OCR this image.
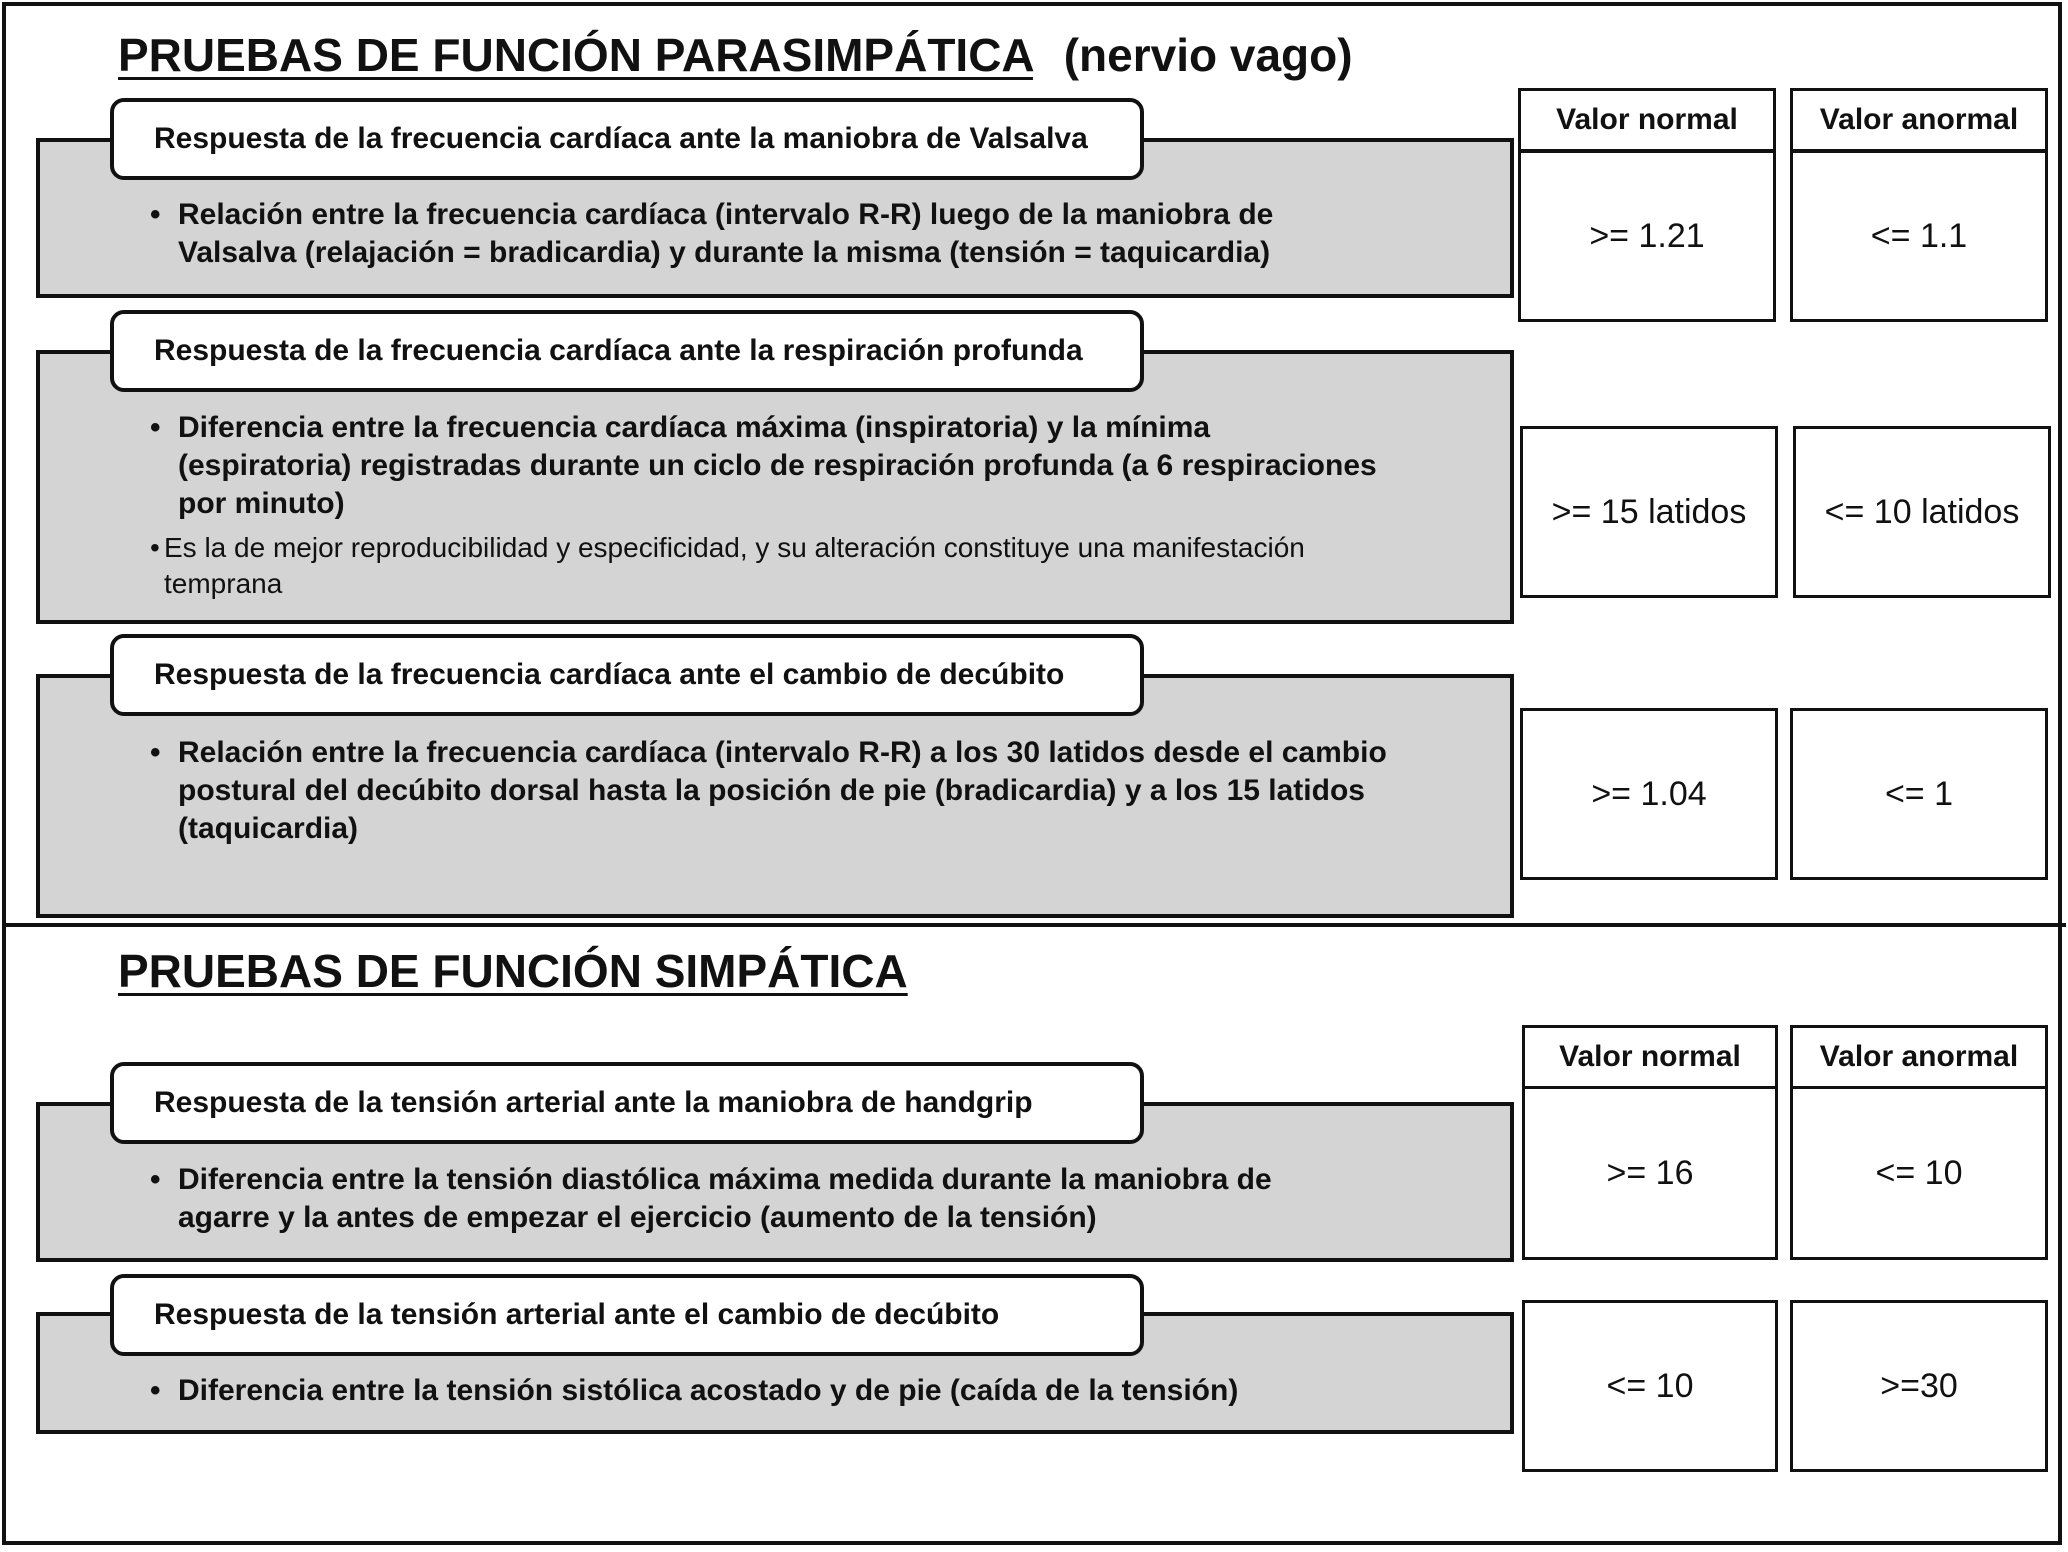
PRUEBAS DE FUNCIÓN PARASIMPÁTICA (nervio vago)
Valor normal	Valor anormal
Respuesta de la frecuencia cardíaca ante la maniobra de Valsalva
• Relación entre la frecuencia cardíaca (intervalo R-R) luego de la maniobra de
Valsalva (relajación = bradicardia) y durante la misma (tensión = taquicardia)	>= 1.21	<= 1.1
Respuesta de la frecuencia cardíaca ante la respiración profunda
• Diferencia entre la frecuencia cardíaca máxima (inspiratoria) y la mínima
(espiratoria) registradas durante un ciclo de respiración profunda (a 6 respiraciones
por minuto)
• Es la de mejor reproducibilidad y especificidad, y su alteración constituye una manifestación
temprana
>= 15 latidos	<= 10 latidos
Respuesta de la frecuencia cardíaca ante el cambio de decúbito
• Relación entre la frecuencia cardíaca (intervalo R-R) a los 30 latidos desde el cambio
postural del decúbito dorsal hasta la posición de pie (bradicardia) y a los 15 latidos
(taquicardia)
>= 1.04	<= 1
PRUEBAS DE FUNCIÓN SIMPÁTICA
Valor normal	Valor anormal
Respuesta de la tensión arterial ante la maniobra de handgrip
• Diferencia entre la tensión diastólica máxima medida durante la maniobra de
agarre y la antes de empezar el ejercicio (aumento de la tensión)
>= 16	<= 10
Respuesta de la tensión arterial ante el cambio de decúbito
• Diferencia entre la tensión sistólica acostado y de pie (caída de la tensión)	<= 10	>=30
